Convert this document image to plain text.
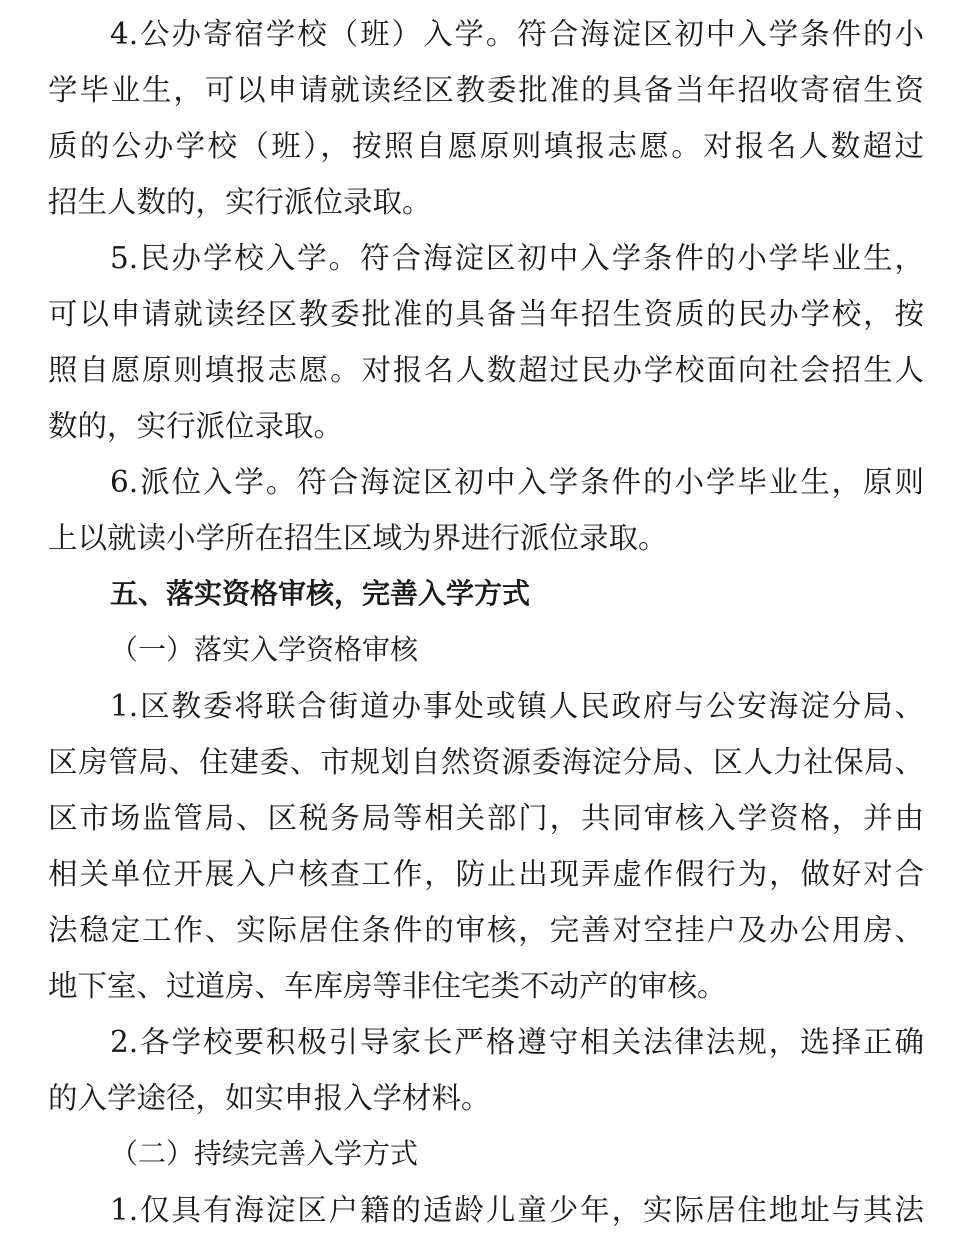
4.公办寄宿学校（班）入学。符合海淀区初中入学条件的小
学毕业生，可以申请就读经区教委批准的具备当年招收寄宿生资
质的公办学校（班），按照自愿原则填报志愿。对报名人数超过
招生人数的，实行派位录取。
5.民办学校入学。符合海淀区初中入学条件的小学毕业生，
可以申请就读经区教委批准的具备当年招生资质的民办学校，按
照自愿原则填报志愿。对报名人数超过民办学校面向社会招生人
数的，实行派位录取。
6.派位入学。符合海淀区初中入学条件的小学毕业生，原则
上以就读小学所在招生区域为界进行派位录取。
五、落实资格审核，完善入学方式
（一）落实入学资格审核
1.区教委将联合街道办事处或镇人民政府与公安海淀分局、
区房管局、住建委、市规划自然资源委海淀分局、区人力社保局、
区市场监管局、区税务局等相关部门，共同审核入学资格，并由
相关单位开展入户核查工作，防止出现弄虚作假行为，做好对合
法稳定工作、实际居住条件的审核，完善对空挂户及办公用房、
地下室、过道房、车库房等非住宅类不动产的审核。
2.各学校要积极引导家长严格遵守相关法律法规，选择正确
的入学途径，如实申报入学材料。
（二）持续完善入学方式
1.仅具有海淀区户籍的适龄儿童少年，实际居住地址与其法
